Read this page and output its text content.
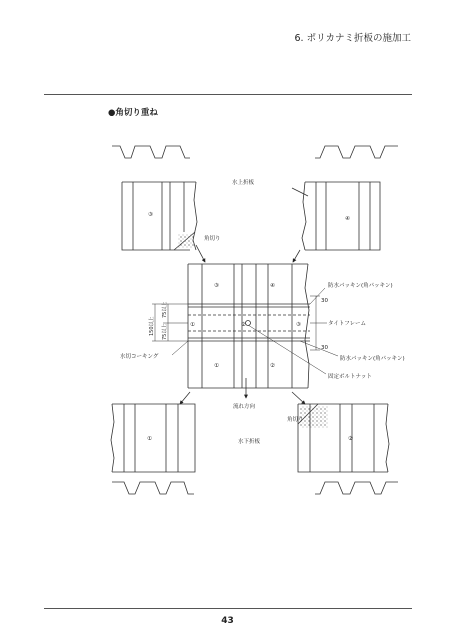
6. ポリカナミ折板の施加工
●角切り重ね
水上折板
角切り
防水パッキン(角パッキン)
タイトフレーム
防水パッキン(角パッキン)
固定ボルトナット
水切コーキング
流れ方向
角切り
水下折板
③
④
③	④
①	②
①	②
①	②	③
30
30
150以上
75以上
75以上
43
